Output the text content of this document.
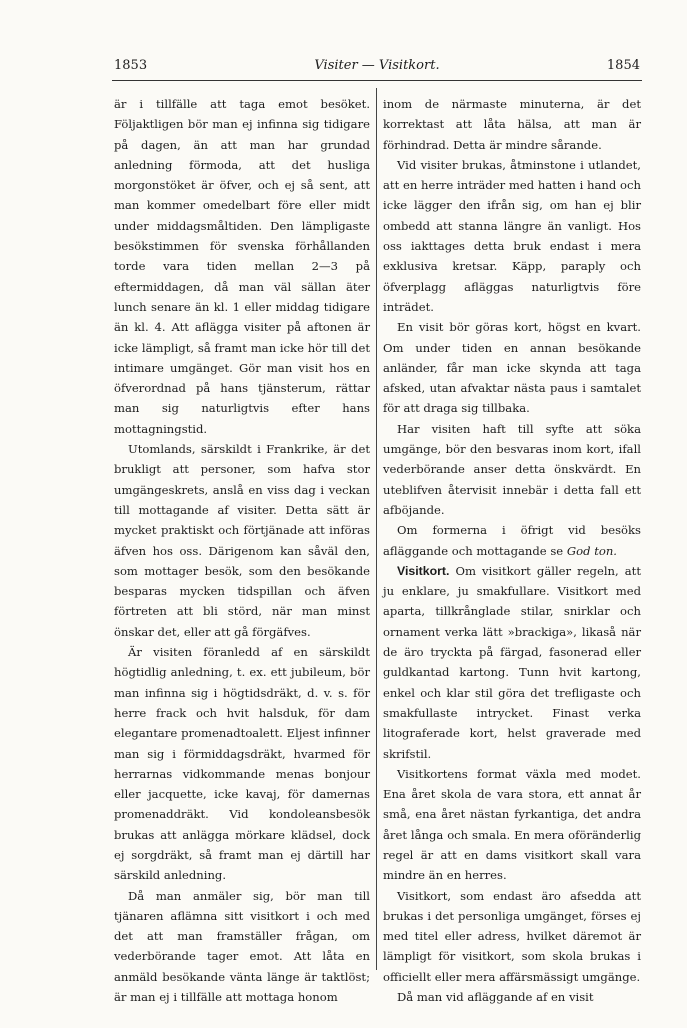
1853	Visiter — Visitkort.	1854

är i tillfälle att taga emot besöket. Följaktligen bör man ej infinna sig tidigare på dagen, än att man har grundad anledning förmoda, att det husliga morgonstöket är öfver, och ej så sent, att man kommer omedelbart före eller midt under middagsmåltiden. Den lämpligaste besökstimmen för svenska förhållanden torde vara tiden mellan 2—3 på eftermiddagen, då man väl sällan äter lunch senare än kl. 1 eller middag tidigare än kl. 4. Att aflägga visiter på aftonen är icke lämpligt, så framt man icke hör till det intimare umgänget. Gör man visit hos en öfverordnad på hans tjänsterum, rättar man sig naturligtvis efter hans mottagningstid.

Utomlands, särskildt i Frankrike, är det brukligt att personer, som hafva stor umgängeskrets, anslå en viss dag i veckan till mottagande af visiter. Detta sätt är mycket praktiskt och förtjänade att införas äfven hos oss. Därigenom kan såväl den, som mottager besök, som den besökande besparas mycken tidspillan och äfven förtreten att bli störd, när man minst önskar det, eller att gå förgäfves.

Är visiten föranledd af en särskildt högtidlig anledning, t. ex. ett jubileum, bör man infinna sig i högtidsdräkt, d. v. s. för herre frack och hvit halsduk, för dam elegantare promenadtoalett. Eljest infinner man sig i förmiddagsdräkt, hvarmed för herrarnas vidkommande menas bonjour eller jacquette, icke kavaj, för damernas promenaddräkt. Vid kondoleansbesök brukas att anlägga mörkare klädsel, dock ej sorgdräkt, så framt man ej därtill har särskild anledning.

Då man anmäler sig, bör man till tjänaren aflämna sitt visitkort i och med det att man framställer frågan, om vederbörande tager emot. Att låta en anmäld besökande vänta länge är taktlöst; är man ej i tillfälle att mottaga honom

inom de närmaste minuterna, är det korrektast att låta hälsa, att man är förhindrad. Detta är mindre sårande.

Vid visiter brukas, åtminstone i utlandet, att en herre inträder med hatten i hand och icke lägger den ifrån sig, om han ej blir ombedd att stanna längre än vanligt. Hos oss iakttages detta bruk endast i mera exklusiva kretsar. Käpp, paraply och öfverplagg afläggas naturligtvis före inträdet.

En visit bör göras kort, högst en kvart. Om under tiden en annan besökande anländer, får man icke skynda att taga afsked, utan afvaktar nästa paus i samtalet för att draga sig tillbaka.

Har visiten haft till syfte att söka umgänge, bör den besvaras inom kort, ifall vederbörande anser detta önskvärdt. En uteblifven återvisit innebär i detta fall ett afböjande.

Om formerna i öfrigt vid besöks afläggande och mottagande se God ton.

Visitkort. Om visitkort gäller regeln, att ju enklare, ju smakfullare. Visitkort med aparta, tillkrånglade stilar, snirklar och ornament verka lätt »brackiga», likaså när de äro tryckta på färgad, fasonerad eller guldkantad kartong. Tunn hvit kartong, enkel och klar stil göra det trefligaste och smakfullaste intrycket. Finast verka litograferade kort, helst graverade med skrifstil.

Visitkortens format växla med modet. Ena året skola de vara stora, ett annat år små, ena året nästan fyrkantiga, det andra året långa och smala. En mera oföränderlig regel är att en dams visitkort skall vara mindre än en herres.

Visitkort, som endast äro afsedda att brukas i det personliga umgänget, förses ej med titel eller adress, hvilket däremot är lämpligt för visitkort, som skola brukas i officiellt eller mera affärsmässigt umgänge.

Då man vid afläggande af en visit
